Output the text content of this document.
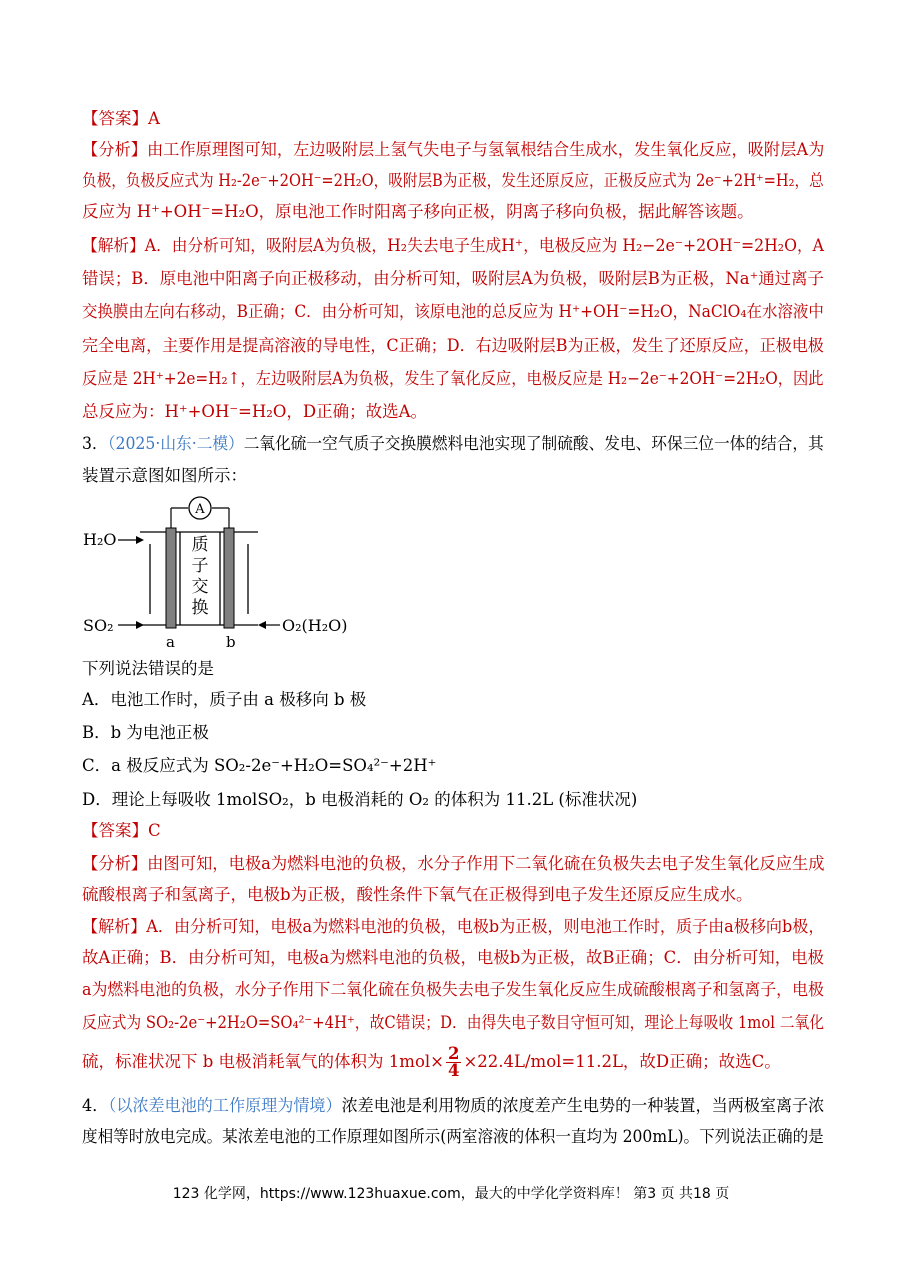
【答案】A
【分析】由工作原理图可知，左边吸附层上氢气失电子与氢氧根结合生成水，发生氧化反应，吸附层A为
负极，负极反应式为 H₂-2e⁻+2OH⁻=2H₂O，吸附层B为正极，发生还原反应，正极反应式为 2e⁻+2H⁺=H₂，总
反应为 H⁺+OH⁻=H₂O，原电池工作时阳离子移向正极，阴离子移向负极，据此解答该题。
【解析】A．由分析可知，吸附层A为负极，H₂失去电子生成H⁺，电极反应为 H₂−2e⁻+2OH⁻=2H₂O，A
错误；B．原电池中阳离子向正极移动，由分析可知，吸附层A为负极，吸附层B为正极，Na⁺通过离子
交换膜由左向右移动，B正确；C．由分析可知，该原电池的总反应为 H⁺+OH⁻=H₂O，NaClO₄在水溶液中
完全电离，主要作用是提高溶液的导电性，C正确；D．右边吸附层B为正极，发生了还原反应，正极电极
反应是 2H⁺+2e=H₂↑，左边吸附层A为负极，发生了氧化反应，电极反应是 H₂−2e⁻+2OH⁻=2H₂O，因此
总反应为：H⁺+OH⁻=H₂O，D正确；故选A。
3．（2025·山东·二模）二氧化硫一空气质子交换膜燃料电池实现了制硫酸、发电、环保三位一体的结合，其
装置示意图如图所示：
A
质
子
交
换
H₂O
SO₂	O₂(H₂O)
a	b
下列说法错误的是
A．电池工作时，质子由 a 极移向 b 极
B．b 为电池正极
C．a 极反应式为 SO₂-2e⁻+H₂O=SO₄²⁻+2H⁺
D．理论上每吸收 1molSO₂，b 电极消耗的 O₂ 的体积为 11.2L (标准状况)
【答案】C
【分析】由图可知，电极a为燃料电池的负极，水分子作用下二氧化硫在负极失去电子发生氧化反应生成
硫酸根离子和氢离子，电极b为正极，酸性条件下氧气在正极得到电子发生还原反应生成水。
【解析】A．由分析可知，电极a为燃料电池的负极，电极b为正极，则电池工作时，质子由a极移向b极，
故A正确；B．由分析可知，电极a为燃料电池的负极，电极b为正极，故B正确；C．由分析可知，电极
a为燃料电池的负极，水分子作用下二氧化硫在负极失去电子发生氧化反应生成硫酸根离子和氢离子，电极
反应式为 SO₂-2e⁻+2H₂O=SO₄²⁻+4H⁺，故C错误；D．由得失电子数目守恒可知，理论上每吸收 1mol 二氧化
硫，标准状况下 b 电极消耗氧气的体积为 $1mol\times \frac{2}{4} \times 22.4L/mol=11.2L$，故D正确；故选C。
4．（以浓差电池的工作原理为情境）浓差电池是利用物质的浓度差产生电势的一种装置，当两极室离子浓
度相等时放电完成。某浓差电池的工作原理如图所示(两室溶液的体积一直均为 200mL)。下列说法正确的是
123 化学网，https://www.123huaxue.com，最大的中学化学资料库！ 第3 页 共18 页
